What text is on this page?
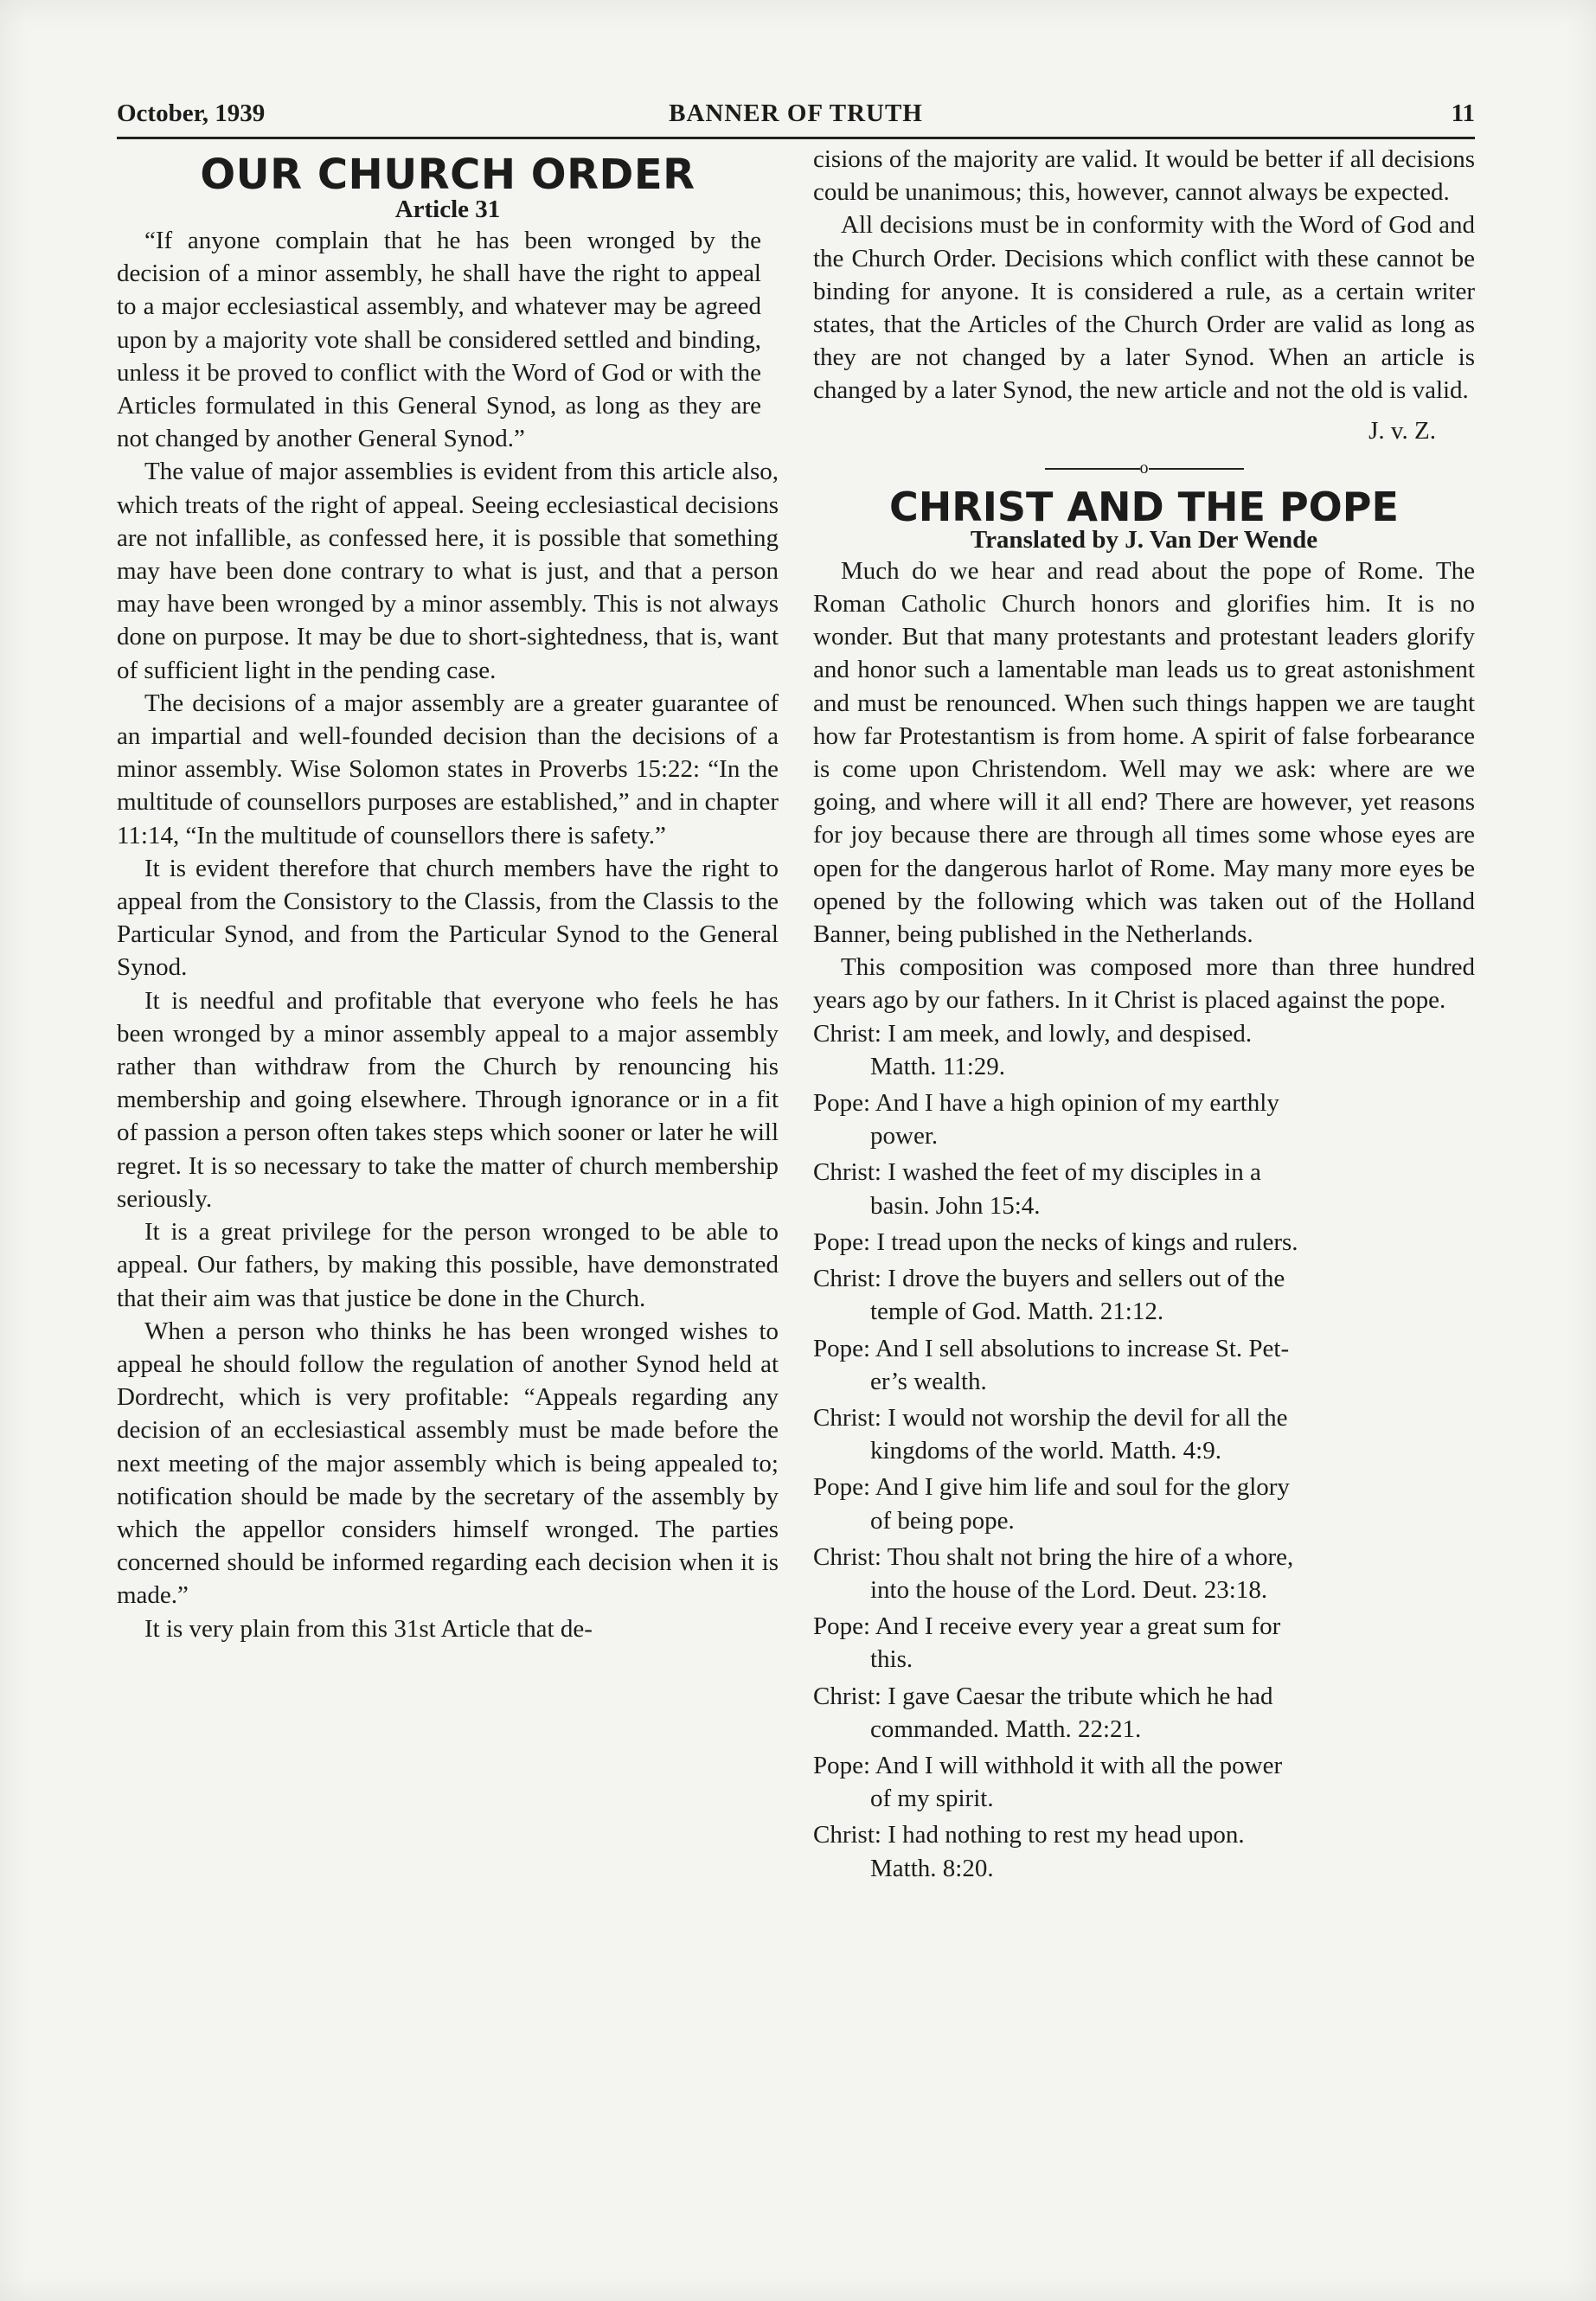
October, 1939	BANNER OF TRUTH	11
OUR CHURCH ORDER
Article 31

“If anyone complain that he has been wronged by the decision of a minor assembly, he shall have the right to appeal to a major ecclesiastical assembly, and whatever may be agreed upon by a majority vote shall be considered settled and binding, unless it be proved to conflict with the Word of God or with the Articles formulated in this General Synod, as long as they are not changed by another General Synod.”

The value of major assemblies is evident from this article also, which treats of the right of appeal. Seeing ecclesiastical decisions are not infallible, as confessed here, it is possible that something may have been done contrary to what is just, and that a person may have been wronged by a minor assembly. This is not always done on purpose. It may be due to short-sightedness, that is, want of sufficient light in the pending case.

The decisions of a major assembly are a greater guarantee of an impartial and well-founded decision than the decisions of a minor assembly. Wise Solomon states in Proverbs 15:22: “In the multitude of counsellors purposes are established,” and in chapter 11:14, “In the multitude of counsellors there is safety.”

It is evident therefore that church members have the right to appeal from the Consistory to the Classis, from the Classis to the Particular Synod, and from the Particular Synod to the General Synod.

It is needful and profitable that everyone who feels he has been wronged by a minor assembly appeal to a major assembly rather than withdraw from the Church by renouncing his membership and going elsewhere. Through ignorance or in a fit of passion a person often takes steps which sooner or later he will regret. It is so necessary to take the matter of church membership seriously.

It is a great privilege for the person wronged to be able to appeal. Our fathers, by making this possible, have demonstrated that their aim was that justice be done in the Church.

When a person who thinks he has been wronged wishes to appeal he should follow the regulation of another Synod held at Dordrecht, which is very profitable: “Appeals regarding any decision of an ecclesiastical assembly must be made before the next meeting of the major assembly which is being appealed to; notification should be made by the secretary of the assembly by which the appellor considers himself wronged. The parties concerned should be informed regarding each decision when it is made.”

It is very plain from this 31st Article that de-

cisions of the majority are valid. It would be better if all decisions could be unanimous; this, however, cannot always be expected.

All decisions must be in conformity with the Word of God and the Church Order. Decisions which conflict with these cannot be binding for anyone. It is considered a rule, as a certain writer states, that the Articles of the Church Order are valid as long as they are not changed by a later Synod. When an article is changed by a later Synod, the new article and not the old is valid.

J. v. Z.
o
CHRIST AND THE POPE
Translated by J. Van Der Wende

Much do we hear and read about the pope of Rome. The Roman Catholic Church honors and glorifies him. It is no wonder. But that many protestants and protestant leaders glorify and honor such a lamentable man leads us to great astonishment and must be renounced. When such things happen we are taught how far Protestantism is from home. A spirit of false forbearance is come upon Christendom. Well may we ask: where are we going, and where will it all end? There are however, yet reasons for joy because there are through all times some whose eyes are open for the dangerous harlot of Rome. May many more eyes be opened by the following which was taken out of the Holland Banner, being published in the Netherlands.

This composition was composed more than three hundred years ago by our fathers. In it Christ is placed against the pope.

Christ: I am meek, and lowly, and despised.
Matth. 11:29.
Pope: And I have a high opinion of my earthly
power.
Christ: I washed the feet of my disciples in a
basin. John 15:4.
Pope: I tread upon the necks of kings and rulers.
Christ: I drove the buyers and sellers out of the
temple of God. Matth. 21:12.
Pope: And I sell absolutions to increase St. Pet-
er’s wealth.
Christ: I would not worship the devil for all the
kingdoms of the world. Matth. 4:9.
Pope: And I give him life and soul for the glory
of being pope.
Christ: Thou shalt not bring the hire of a whore,
into the house of the Lord. Deut. 23:18.
Pope: And I receive every year a great sum for
this.
Christ: I gave Caesar the tribute which he had
commanded. Matth. 22:21.
Pope: And I will withhold it with all the power
of my spirit.
Christ: I had nothing to rest my head upon.
Matth. 8:20.
